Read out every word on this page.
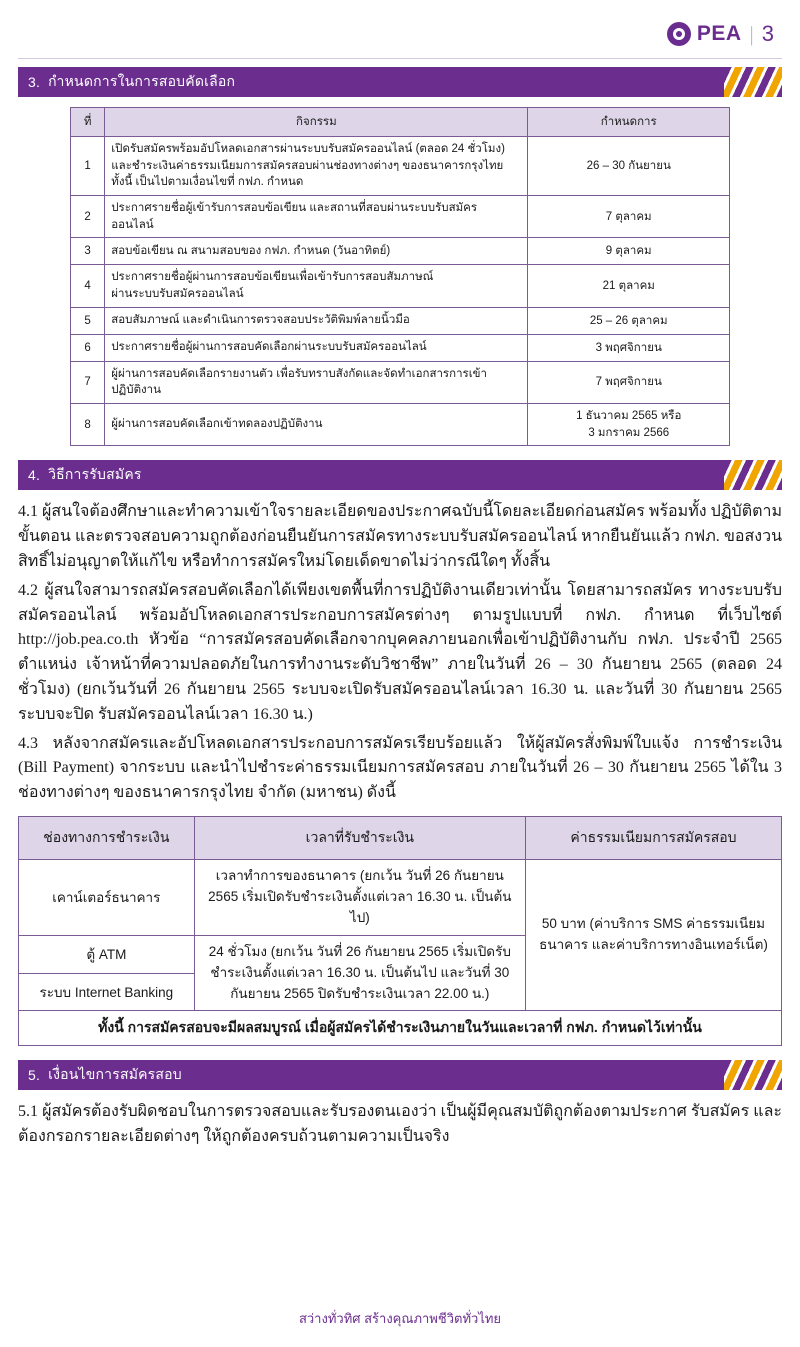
PEA | 3
3. กำหนดการในการสอบคัดเลือก
ที่	กิจกรรม	กำหนดการ
1	เปิดรับสมัครพร้อมอัปโหลดเอกสารผ่านระบบรับสมัครออนไลน์ (ตลอด 24 ชั่วโมง)
และชำระเงินค่าธรรมเนียมการสมัครสอบผ่านช่องทางต่างๆ ของธนาคารกรุงไทย
ทั้งนี้ เป็นไปตามเงื่อนไขที่ กฟภ. กำหนด	26 – 30 กันยายน
2	ประกาศรายชื่อผู้เข้ารับการสอบข้อเขียน และสถานที่สอบผ่านระบบรับสมัคร
ออนไลน์	7 ตุลาคม
3	สอบข้อเขียน ณ สนามสอบของ กฟภ. กำหนด (วันอาทิตย์)	9 ตุลาคม
4	ประกาศรายชื่อผู้ผ่านการสอบข้อเขียนเพื่อเข้ารับการสอบสัมภาษณ์
ผ่านระบบรับสมัครออนไลน์	21 ตุลาคม
5	สอบสัมภาษณ์ และดำเนินการตรวจสอบประวัติพิมพ์ลายนิ้วมือ	25 – 26 ตุลาคม
6	ประกาศรายชื่อผู้ผ่านการสอบคัดเลือกผ่านระบบรับสมัครออนไลน์	3 พฤศจิกายน
7	ผู้ผ่านการสอบคัดเลือกรายงานตัว เพื่อรับทราบสังกัดและจัดทำเอกสารการเข้า
ปฏิบัติงาน	7 พฤศจิกายน
8	ผู้ผ่านการสอบคัดเลือกเข้าทดลองปฏิบัติงาน	1 ธันวาคม 2565 หรือ
3 มกราคม 2566
4. วิธีการรับสมัคร

4.1 ผู้สนใจต้องศึกษาและทำความเข้าใจรายละเอียดของประกาศฉบับนี้โดยละเอียดก่อนสมัคร พร้อมทั้ง ปฏิบัติตามขั้นตอน และตรวจสอบความถูกต้องก่อนยืนยันการสมัครทางระบบรับสมัครออนไลน์ หากยืนยันแล้ว กฟภ. ขอสงวนสิทธิ์ไม่อนุญาตให้แก้ไข หรือทำการสมัครใหม่โดยเด็ดขาดไม่ว่ากรณีใดๆ ทั้งสิ้น

4.2 ผู้สนใจสามารถสมัครสอบคัดเลือกได้เพียงเขตพื้นที่การปฏิบัติงานเดียวเท่านั้น โดยสามารถสมัคร ทางระบบรับสมัครออนไลน์ พร้อมอัปโหลดเอกสารประกอบการสมัครต่างๆ ตามรูปแบบที่ กฟภ. กำหนด ที่เว็บไซต์ http://job.pea.co.th หัวข้อ “การสมัครสอบคัดเลือกจากบุคคลภายนอกเพื่อเข้าปฏิบัติงานกับ กฟภ. ประจำปี 2565 ตำแหน่ง เจ้าหน้าที่ความปลอดภัยในการทำงานระดับวิชาชีพ” ภายในวันที่ 26 – 30 กันยายน 2565 (ตลอด 24 ชั่วโมง) (ยกเว้นวันที่ 26 กันยายน 2565 ระบบจะเปิดรับสมัครออนไลน์เวลา 16.30 น. และวันที่ 30 กันยายน 2565 ระบบจะปิด รับสมัครออนไลน์เวลา 16.30 น.)

4.3 หลังจากสมัครและอัปโหลดเอกสารประกอบการสมัครเรียบร้อยแล้ว ให้ผู้สมัครสั่งพิมพ์ใบแจ้ง การชำระเงิน (Bill Payment) จากระบบ และนำไปชำระค่าธรรมเนียมการสมัครสอบ ภายในวันที่ 26 – 30 กันยายน 2565 ได้ใน 3 ช่องทางต่างๆ ของธนาคารกรุงไทย จำกัด (มหาชน) ดังนี้

ช่องทางการชำระเงิน	เวลาที่รับชำระเงิน	ค่าธรรมเนียมการสมัครสอบ
เคาน์เตอร์ธนาคาร	เวลาทำการของธนาคาร (ยกเว้น วันที่ 26 กันยายน 2565 เริ่มเปิดรับชำระเงินตั้งแต่เวลา 16.30 น. เป็นต้นไป)	50 บาท (ค่าบริการ SMS ค่าธรรมเนียมธนาคาร และค่าบริการทางอินเทอร์เน็ต)
ตู้ ATM	24 ชั่วโมง (ยกเว้น วันที่ 26 กันยายน 2565 เริ่มเปิดรับชำระเงินตั้งแต่เวลา 16.30 น. เป็นต้นไป และวันที่ 30 กันยายน 2565 ปิดรับชำระเงินเวลา 22.00 น.)	
ระบบ Internet Banking		
ทั้งนี้ การสมัครสอบจะมีผลสมบูรณ์ เมื่อผู้สมัครได้ชำระเงินภายในวันและเวลาที่ กฟภ. กำหนดไว้เท่านั้น
5. เงื่อนไขการสมัครสอบ

5.1 ผู้สมัครต้องรับผิดชอบในการตรวจสอบและรับรองตนเองว่า เป็นผู้มีคุณสมบัติถูกต้องตามประกาศ รับสมัคร และต้องกรอกรายละเอียดต่างๆ ให้ถูกต้องครบถ้วนตามความเป็นจริง

สว่างทั่วทิศ สร้างคุณภาพชีวิตทั่วไทย
